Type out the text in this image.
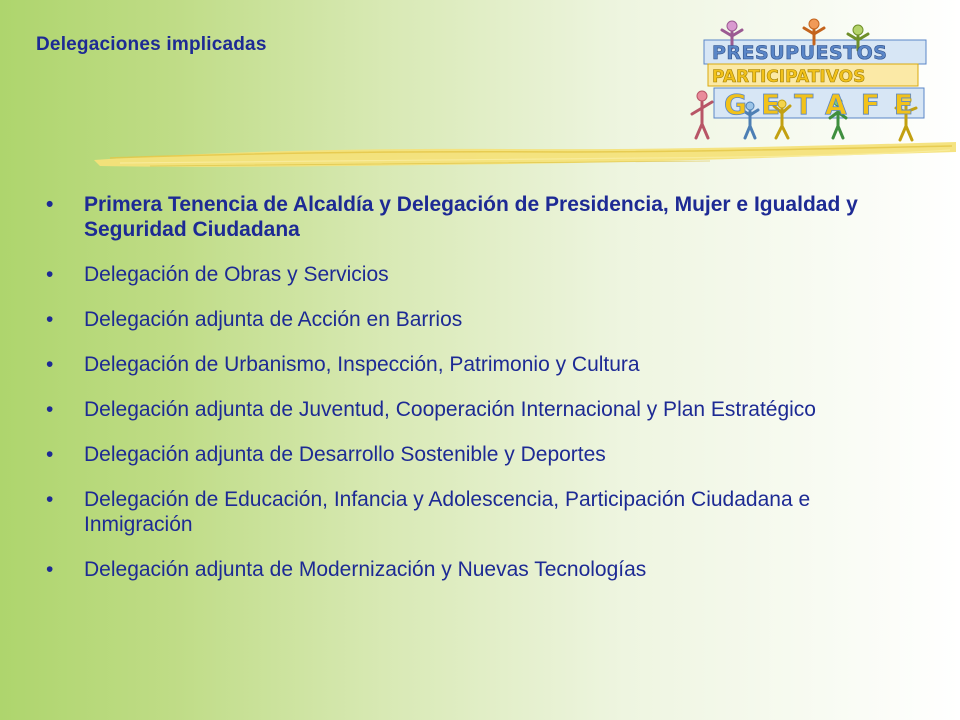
Delegaciones implicadas	PRESUPUESTOS
PARTICIPATIVOS
GETAFE
• Primera Tenencia de Alcaldía y Delegación de Presidencia, Mujer e Igualdad y Seguridad Ciudadana
• Delegación de Obras y Servicios
• Delegación adjunta de Acción en Barrios
• Delegación de Urbanismo, Inspección, Patrimonio y Cultura
• Delegación adjunta de Juventud, Cooperación Internacional y Plan Estratégico
• Delegación adjunta de Desarrollo Sostenible y Deportes
• Delegación de Educación, Infancia y Adolescencia, Participación Ciudadana e Inmigración
• Delegación adjunta de Modernización y Nuevas Tecnologías
